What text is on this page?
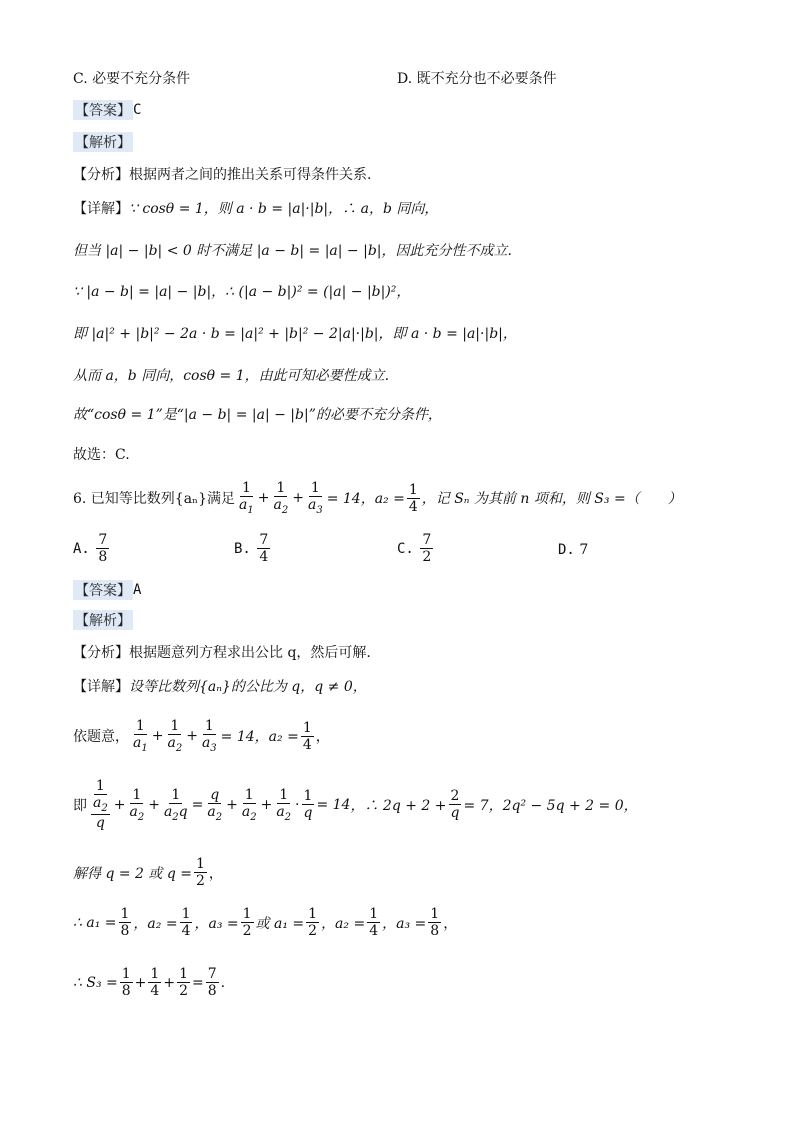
C. 必要不充分条件	D. 既不充分也不必要条件
【答案】 C
【解析】
【分析】 根据两者之间的推出关系可得条件关系.
【详解】 ∵ cosθ = 1，则 a · b = |a|·|b|，∴ a，b 同向，
但当 |a| − |b| < 0 时不满足 |a − b| = |a| − |b|，因此充分性不成立.
∵ |a − b| = |a| − |b|，∴ (|a − b|)² = (|a| − |b|)²，
即 |a|² + |b|² − 2a · b = |a|² + |b|² − 2|a|·|b|，即 a · b = |a|·|b|，
从而 a，b 同向，cosθ = 1，由此可知必要性成立.
故“cosθ = 1”是“|a − b| = |a| − |b|”的必要不充分条件，
故选：C.
6. 已知等比数列{aₙ}满足 $\frac{1}{a_1} + \frac{1}{a_2} + \frac{1}{a_3} = 14$，$a_2 = \frac{1}{4}$ ，记 Sₙ 为其前 n 项和，则 S₃ =（　　）
A.
$\frac{7}{8}$	B.
$\frac{7}{4}$	C.
$\frac{7}{2}$	D.
7
【答案】 A
【解析】
【分析】 根据题意列方程求出公比 q，然后可解.
【详解】 设等比数列{aₙ}的公比为 q，q ≠ 0，
依题意， $\frac{1}{a_1} + \frac{1}{a_2} + \frac{1}{a_3} = 14$，$a_2 = \frac{1}{4}$ ，
即 $\frac{1}{\frac{a_2}{q}} + \frac{1}{a_2} + \frac{1}{a_2q} = \frac{q}{a_2} + \frac{1}{a_2} + \frac{1}{a_2} \cdot \frac{1}{q} = 14$ ，∴ $2q + 2 + \frac{2}{q} = 7$，2q² − 5q + 2 = 0，
解得 q = 2 或 $q = \frac{1}{2}$ ，
∴ $a_1 = \frac{1}{8}$ ，$a_2 = \frac{1}{4}$ ，$a_3 = \frac{1}{2}$ 或 $a_1 = \frac{1}{2}$ ，$a_2 = \frac{1}{4}$ ，$a_3 = \frac{1}{8}$ ，
∴ $S_3 = \frac{1}{8} + \frac{1}{4} + \frac{1}{2} = \frac{7}{8}$ .
